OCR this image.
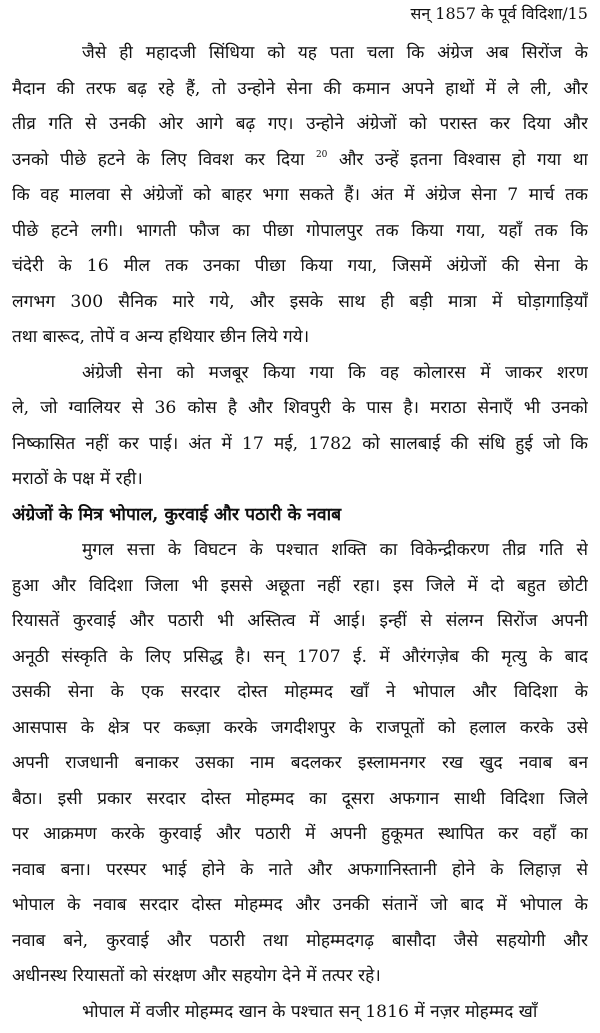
सन् 1857 के पूर्व विदिशा/15
जैसे ही महादजी सिंधिया को यह पता चला कि अंग्रेज अब सिरोंज के
मैदान की तरफ बढ़ रहे हैं, तो उन्होने सेना की कमान अपने हाथों में ले ली, और
तीव्र गति से उनकी ओर आगे बढ़ गए। उन्होने अंग्रेजों को परास्त कर दिया और
उनको पीछे हटने के लिए विवश कर दिया $^{20}$ और उन्हें इतना विश्वास हो गया था
कि वह मालवा से अंग्रेजों को बाहर भगा सकते हैं। अंत में अंग्रेज सेना 7 मार्च तक
पीछे हटने लगी। भागती फौज का पीछा गोपालपुर तक किया गया, यहाँ तक कि
चंदेरी के 16 मील तक उनका पीछा किया गया, जिसमें अंग्रेजों की सेना के
लगभग 300 सैनिक मारे गये, और इसके साथ ही बड़ी मात्रा में घोड़ागाड़ियाँ
तथा बारूद, तोपें व अन्य हथियार छीन लिये गये।
अंग्रेजी सेना को मजबूर किया गया कि वह कोलारस में जाकर शरण
ले, जो ग्वालियर से 36 कोस है और शिवपुरी के पास है। मराठा सेनाएँ भी उनको
निष्कासित नहीं कर पाई। अंत में 17 मई, 1782 को सालबाई की संधि हुई जो कि
मराठों के पक्ष में रही।
अंग्रेजों के मित्र भोपाल, कुरवाई और पठारी के नवाब
मुगल सत्ता के विघटन के पश्चात शक्ति का विकेन्द्रीकरण तीव्र गति से
हुआ और विदिशा जिला भी इससे अछूता नहीं रहा। इस जिले में दो बहुत छोटी
रियासतें कुरवाई और पठारी भी अस्तित्व में आई। इन्हीं से संलग्न सिरोंज अपनी
अनूठी संस्कृति के लिए प्रसिद्ध है। सन् 1707 ई. में औरंगज़ेब की मृत्यु के बाद
उसकी सेना के एक सरदार दोस्त मोहम्मद खाँ ने भोपाल और विदिशा के
आसपास के क्षेत्र पर कब्ज़ा करके जगदीशपुर के राजपूतों को हलाल करके उसे
अपनी राजधानी बनाकर उसका नाम बदलकर इस्लामनगर रख खुद नवाब बन
बैठा। इसी प्रकार सरदार दोस्त मोहम्मद का दूसरा अफगान साथी विदिशा जिले
पर आक्रमण करके कुरवाई और पठारी में अपनी हुकूमत स्थापित कर वहाँ का
नवाब बना। परस्पर भाई होने के नाते और अफगानिस्तानी होने के लिहाज़ से
भोपाल के नवाब सरदार दोस्त मोहम्मद और उनकी संतानें जो बाद में भोपाल के
नवाब बने, कुरवाई और पठारी तथा मोहम्मदगढ़ बासौदा जैसे सहयोगी और
अधीनस्थ रियासतों को संरक्षण और सहयोग देने में तत्पर रहे।
भोपाल में वजीर मोहम्मद खान के पश्चात सन् 1816 में नज़र मोहम्मद खाँ
